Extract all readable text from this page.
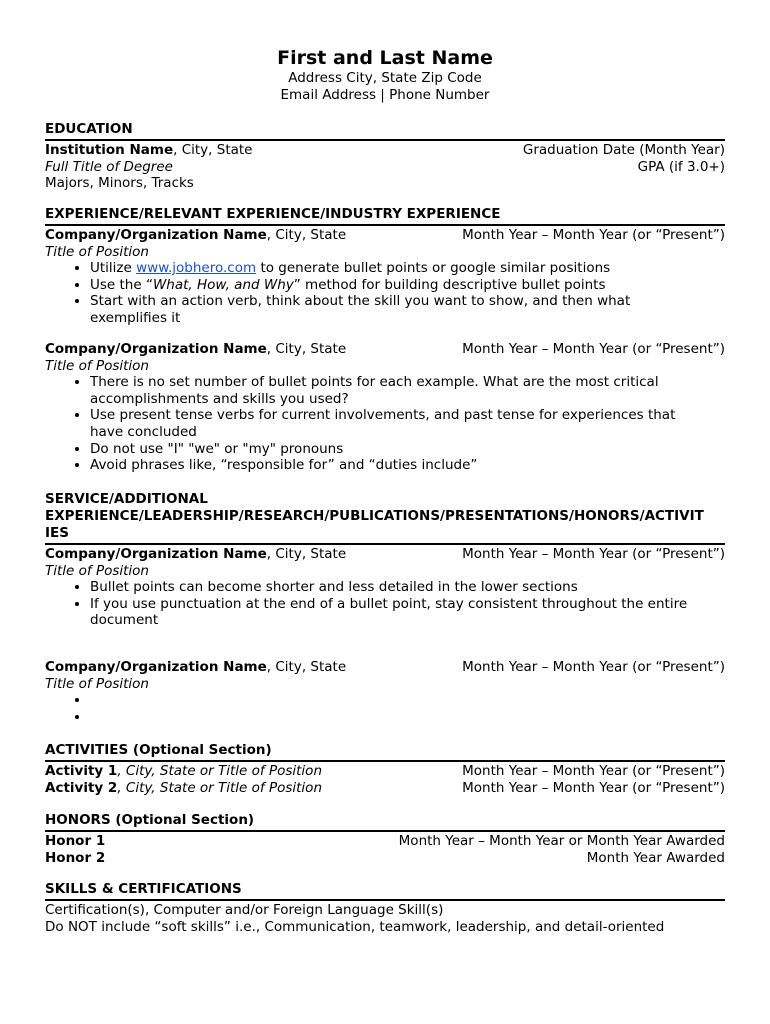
First and Last Name
Address City, State Zip Code
Email Address | Phone Number
EDUCATION
Institution Name, City, State	Graduation Date (Month Year)
Full Title of Degree	GPA (if 3.0+)
Majors, Minors, Tracks
EXPERIENCE/RELEVANT EXPERIENCE/INDUSTRY EXPERIENCE
Company/Organization Name, City, State	Month Year – Month Year (or “Present”)
Title of Position
• Utilize www.jobhero.com to generate bullet points or google similar positions
• Use the “What, How, and Why” method for building descriptive bullet points
• Start with an action verb, think about the skill you want to show, and then what
exemplifies it
Company/Organization Name, City, State	Month Year – Month Year (or “Present”)
Title of Position
• There is no set number of bullet points for each example. What are the most critical
accomplishments and skills you used?
• Use present tense verbs for current involvements, and past tense for experiences that
have concluded
• Do not use "I" "we" or "my" pronouns
• Avoid phrases like, “responsible for” and “duties include”
SERVICE/ADDITIONAL
EXPERIENCE/LEADERSHIP/RESEARCH/PUBLICATIONS/PRESENTATIONS/HONORS/ACTIVIT
IES
Company/Organization Name, City, State	Month Year – Month Year (or “Present”)
Title of Position
• Bullet points can become shorter and less detailed in the lower sections
• If you use punctuation at the end of a bullet point, stay consistent throughout the entire
document
Company/Organization Name, City, State	Month Year – Month Year (or “Present”)
Title of Position
•
•
ACTIVITIES (Optional Section)
Activity 1, City, State or Title of Position	Month Year – Month Year (or “Present”)
Activity 2, City, State or Title of Position	Month Year – Month Year (or “Present”)
HONORS (Optional Section)
Honor 1	Month Year – Month Year or Month Year Awarded
Honor 2	Month Year Awarded
SKILLS & CERTIFICATIONS
Certification(s), Computer and/or Foreign Language Skill(s)
Do NOT include “soft skills” i.e., Communication, teamwork, leadership, and detail-oriented
